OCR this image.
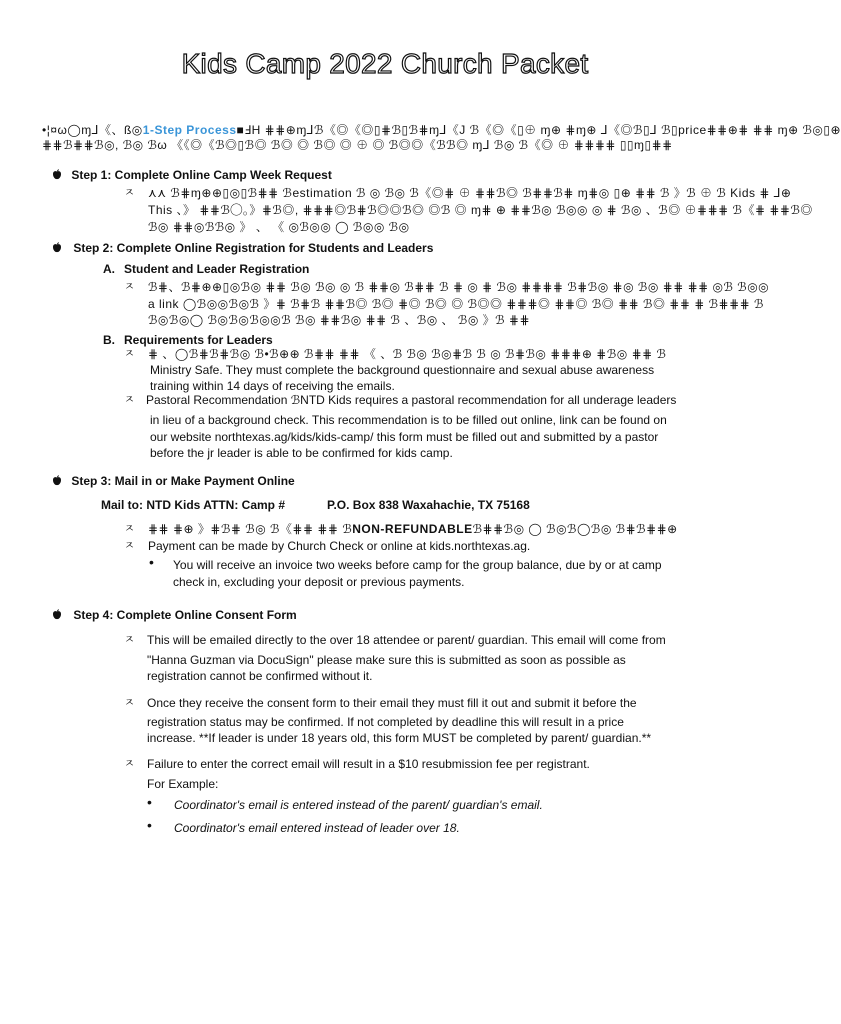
Kids Camp 2022 Church Packet
•¦¤ω◯ɱ⅃《、ß◎1-Step Process■ℲH ⋕⋕⊕ɱ⅃ℬ《◎《◎▯⋕ℬ▯ℬ⋕ɱ⅃《J ℬ《◎《▯⊕ ɱ⊕ ⋕ɱ⊕ ⅃《◎ℬ▯⅃ ℬ▯price⋕⋕⊕⋕ ⋕⋕ ɱ⊕ ℬ◎▯⊕
⋕⋕ℬ⋕⋕ℬ◎, ℬ◎ ℬω 《《◎《ℬ◎▯ℬ◎ ℬ◎ ◎ ℬ◎ ◎ ⊕ ◎ ℬ◎◎《ℬℬ◎ ɱ⅃ ℬ◎ ℬ《◎ ⊕ ⋕⋕⋕⋕ ▯▯ɱ▯⋕⋕
Step 1: Complete Online Camp Week Request
ㅈ ⋏⋏ ℬ⋕ɱ⊕⊕▯◎▯ℬ⋕⋕ ℬestimation ℬ ◎ ℬ◎ ℬ《◎⋕ ⊕ ⋕⋕ℬ◎ ℬ⋕⋕ℬ⋕ ɱ⋕◎ ▯⊕ ⋕⋕ ℬ 》ℬ ⊕ ℬ Kids ⋕ ⅃⊕
This 、》 ⋕⋕ℬ◯。》⋕ℬ◎, ⋕⋕⋕◎ℬ⋕ℬ◎◎ℬ◎ ◎ℬ ◎ ɱ⋕ ⊕ ⋕⋕ℬ◎ ℬ◎◎ ◎ ⋕ ℬ◎ 、ℬ◎ ⊕⋕⋕⋕ ℬ《⋕ ⋕⋕ℬ◎
ℬ◎ ⋕⋕◎ℬℬ◎ 》 、 《 ◎ℬ◎◎ ◯ ℬ◎◎ ℬ◎
Step 2: Complete Online Registration for Students and Leaders
A. Student and Leader Registration
ㅈ ℬ⋕、ℬ⋕⊕⊕▯◎ℬ◎ ⋕⋕ ℬ◎ ℬ◎ ◎ ℬ ⋕⋕◎ ℬ⋕⋕ ℬ ⋕ ◎ ⋕ ℬ◎ ⋕⋕⋕⋕ ℬ⋕ℬ◎ ⋕◎ ℬ◎ ⋕⋕ ⋕⋕ ◎ℬ ℬ◎◎
a link ◯ℬ◎◎ℬ◎ℬ 》⋕ ℬ⋕ℬ ⋕⋕ℬ◎ ℬ◎ ⋕◎ ℬ◎ ◎ ℬ◎◎ ⋕⋕⋕◎ ⋕⋕◎ ℬ◎ ⋕⋕ ℬ◎ ⋕⋕ ⋕ ℬ⋕⋕⋕ ℬ
ℬ◎ℬ◎◯ ℬ◎ℬ◎ℬ◎◎ℬ ℬ◎ ⋕⋕ℬ◎ ⋕⋕ ℬ 、ℬ◎ 、 ℬ◎ 》ℬ ⋕⋕
B. Requirements for Leaders
ㅈ ⋕ 、◯ℬ⋕ℬ⋕ℬ◎ ℬ•ℬ⊕⊕ ℬ⋕⋕ ⋕⋕ 《 、ℬ ℬ◎ ℬ◎⋕ℬ ℬ ◎ ℬ⋕ℬ◎ ⋕⋕⋕⊕ ⋕ℬ◎ ⋕⋕ ℬ
Ministry Safe. They must complete the background questionnaire and sexual abuse awareness
training within 14 days of receiving the emails.
ㅈ Pastoral Recommendation ℬNTD Kids requires a pastoral recommendation for all underage leaders
in lieu of a background check. This recommendation is to be filled out online, link can be found on
our website northtexas.ag/kids/kids-camp/ this form must be filled out and submitted by a pastor
before the jr leader is able to be confirmed for kids camp.
Step 3: Mail in or Make Payment Online
Mail to: NTD Kids ATTN: Camp #	P.O. Box 838 Waxahachie, TX 75168
ㅈ ⋕⋕ ⋕⊕ 》⋕ℬ⋕ ℬ◎ ℬ《⋕⋕ ⋕⋕ ℬNON-REFUNDABLEℬ⋕⋕ℬ◎ ◯ ℬ◎ℬ◯ℬ◎ ℬ⋕ℬ⋕⋕⊕
ㅈ Payment can be made by Church Check or online at kids.northtexas.ag.
• You will receive an invoice two weeks before camp for the group balance, due by or at camp
check in, excluding your deposit or previous payments.
Step 4: Complete Online Consent Form
ㅈ This will be emailed directly to the over 18 attendee or parent/ guardian. This email will come from
"Hanna Guzman via DocuSign" please make sure this is submitted as soon as possible as
registration cannot be confirmed without it.
ㅈ Once they receive the consent form to their email they must fill it out and submit it before the
registration status may be confirmed. If not completed by deadline this will result in a price
increase. **If leader is under 18 years old, this form MUST be completed by parent/ guardian.**
ㅈ Failure to enter the correct email will result in a $10 resubmission fee per registrant.
For Example:
• Coordinator's email is entered instead of the parent/ guardian's email.
• Coordinator's email entered instead of leader over 18.
